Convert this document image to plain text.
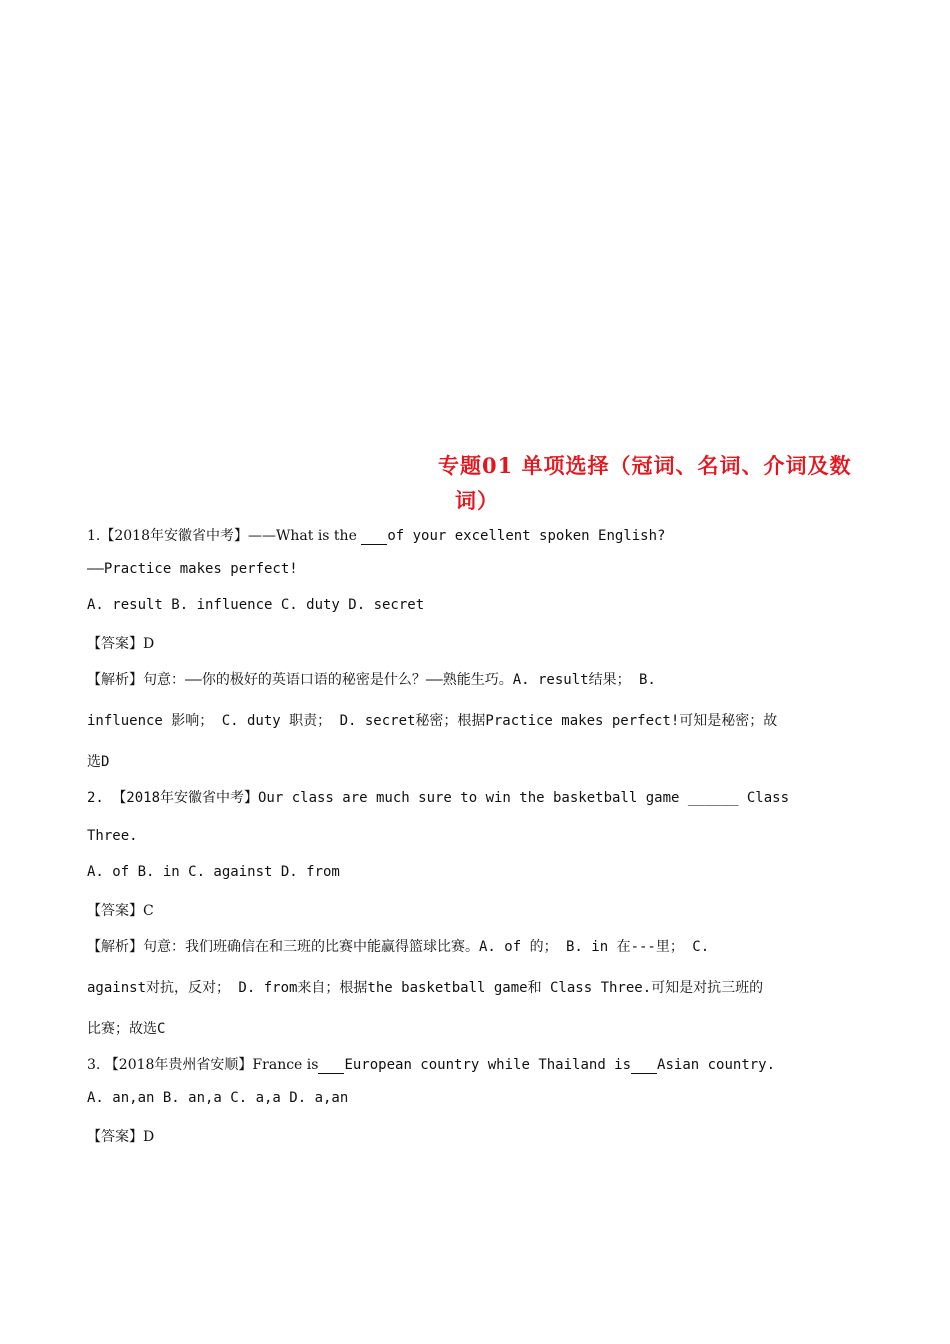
专题01 单项选择（冠词、名词、介词及数
词）
1.【2018年安徽省中考】——What is the of your excellent spoken English?
——Practice makes perfect!
A. result B. influence C. duty D. secret
【答案】D
【解析】句意：——你的极好的英语口语的秘密是什么？——熟能生巧。A. result结果； B.
influence 影响； C. duty 职责； D. secret秘密；根据Practice makes perfect!可知是秘密；故
选D
2. 【2018年安徽省中考】Our class are much sure to win the basketball game ______ Class
Three.
A. of B. in C. against D. from
【答案】C
【解析】句意：我们班确信在和三班的比赛中能赢得篮球比赛。A. of 的； B. in 在---里； C.
against对抗，反对； D. from来自；根据the basketball game和 Class Three.可知是对抗三班的
比赛；故选C
3. 【2018年贵州省安顺】France is European country while Thailand is Asian country.
A. an,an B. an,a C. a,a D. a,an
【答案】D
